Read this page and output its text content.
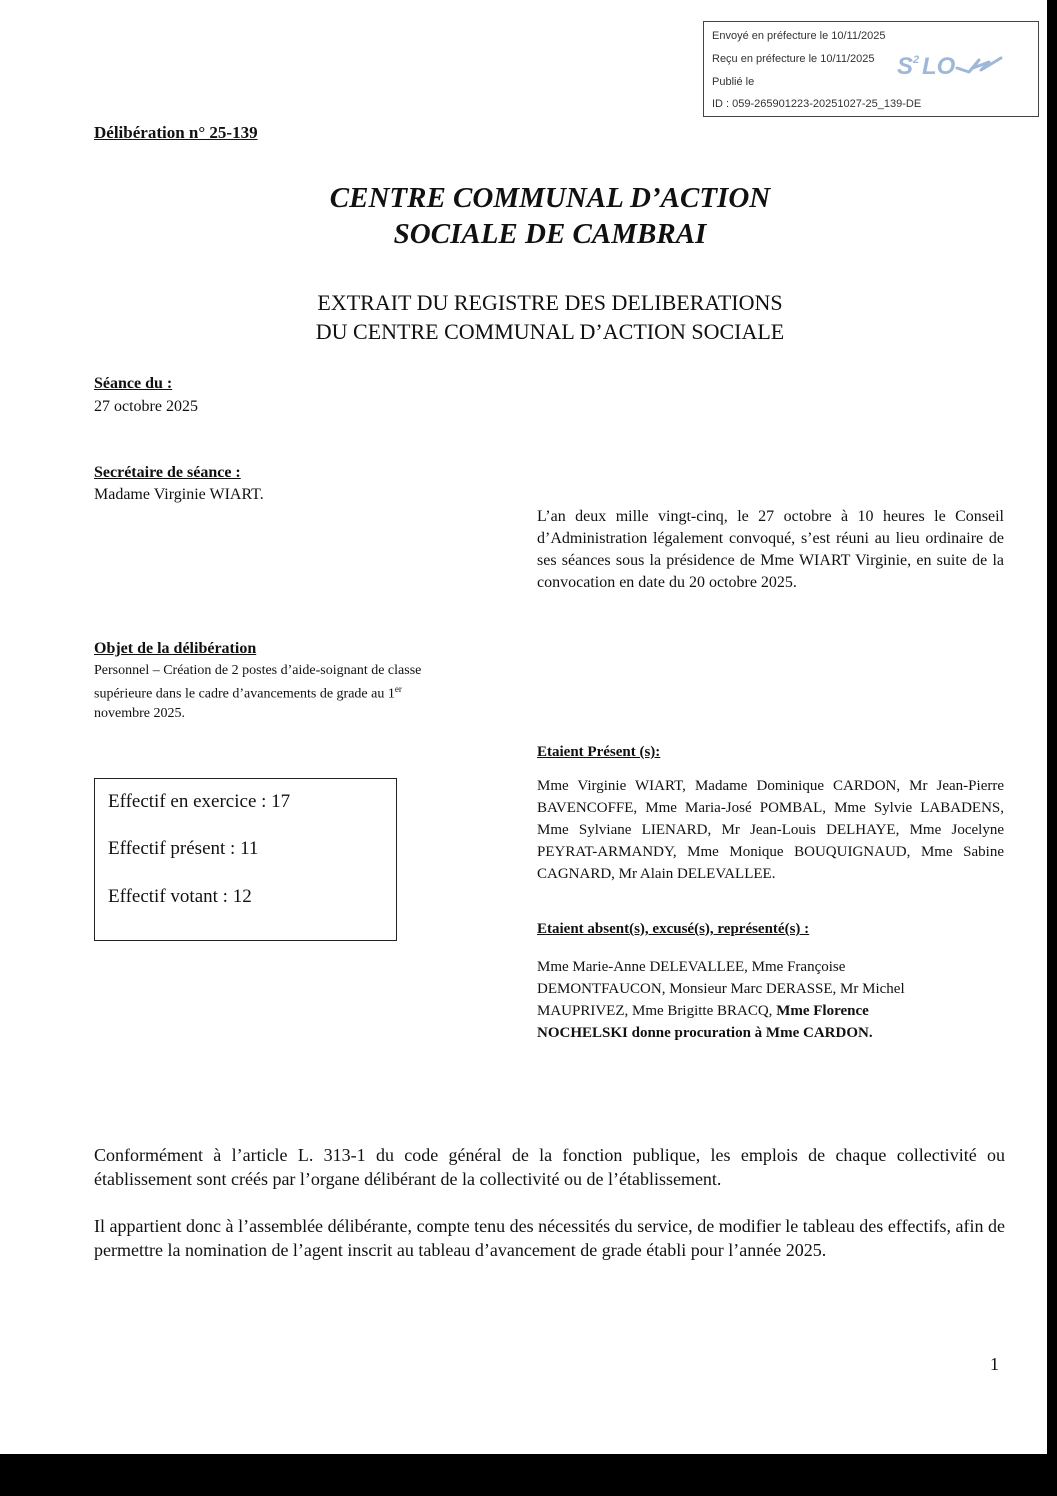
Envoyé en préfecture le 10/11/2025
Reçu en préfecture le 10/11/2025
Publié le
ID : 059-265901223-20251027-25_139-DE
S 2 LO
Délibération n° 25-139
CENTRE COMMUNAL D’ACTION
SOCIALE DE CAMBRAI
EXTRAIT DU REGISTRE DES DELIBERATIONS
DU CENTRE COMMUNAL D’ACTION SOCIALE
Séance du :
27 octobre 2025
Secrétaire de séance :
Madame Virginie WIART.
L’an deux mille vingt-cinq, le 27 octobre à 10 heures le Conseil d’Administration légalement convoqué, s’est réuni au lieu ordinaire de ses séances sous la présidence de Mme WIART Virginie, en suite de la convocation en date du 20 octobre 2025.
Objet de la délibération
Personnel – Création de 2 postes d’aide-soignant de classe supérieure dans le cadre d’avancements de grade au 1er novembre 2025.
Effectif en exercice : 17
Effectif présent : 11
Effectif votant : 12
Etaient Présent (s):
Mme Virginie WIART, Madame Dominique CARDON, Mr Jean-Pierre BAVENCOFFE, Mme Maria-José POMBAL, Mme Sylvie LABADENS, Mme Sylviane LIENARD, Mr Jean-Louis DELHAYE, Mme Jocelyne PEYRAT-ARMANDY, Mme Monique BOUQUIGNAUD, Mme Sabine CAGNARD, Mr Alain DELEVALLEE.
Etaient absent(s), excusé(s), représenté(s) :
Mme Marie-Anne DELEVALLEE, Mme Françoise DEMONTFAUCON, Monsieur Marc DERASSE, Mr Michel MAUPRIVEZ, Mme Brigitte BRACQ, Mme Florence NOCHELSKI donne procuration à Mme CARDON.
Conformément à l’article L. 313-1 du code général de la fonction publique, les emplois de chaque collectivité ou établissement sont créés par l’organe délibérant de la collectivité ou de l’établissement.
Il appartient donc à l’assemblée délibérante, compte tenu des nécessités du service, de modifier le tableau des effectifs, afin de permettre la nomination de l’agent inscrit au tableau d’avancement de grade établi pour l’année 2025.
1
